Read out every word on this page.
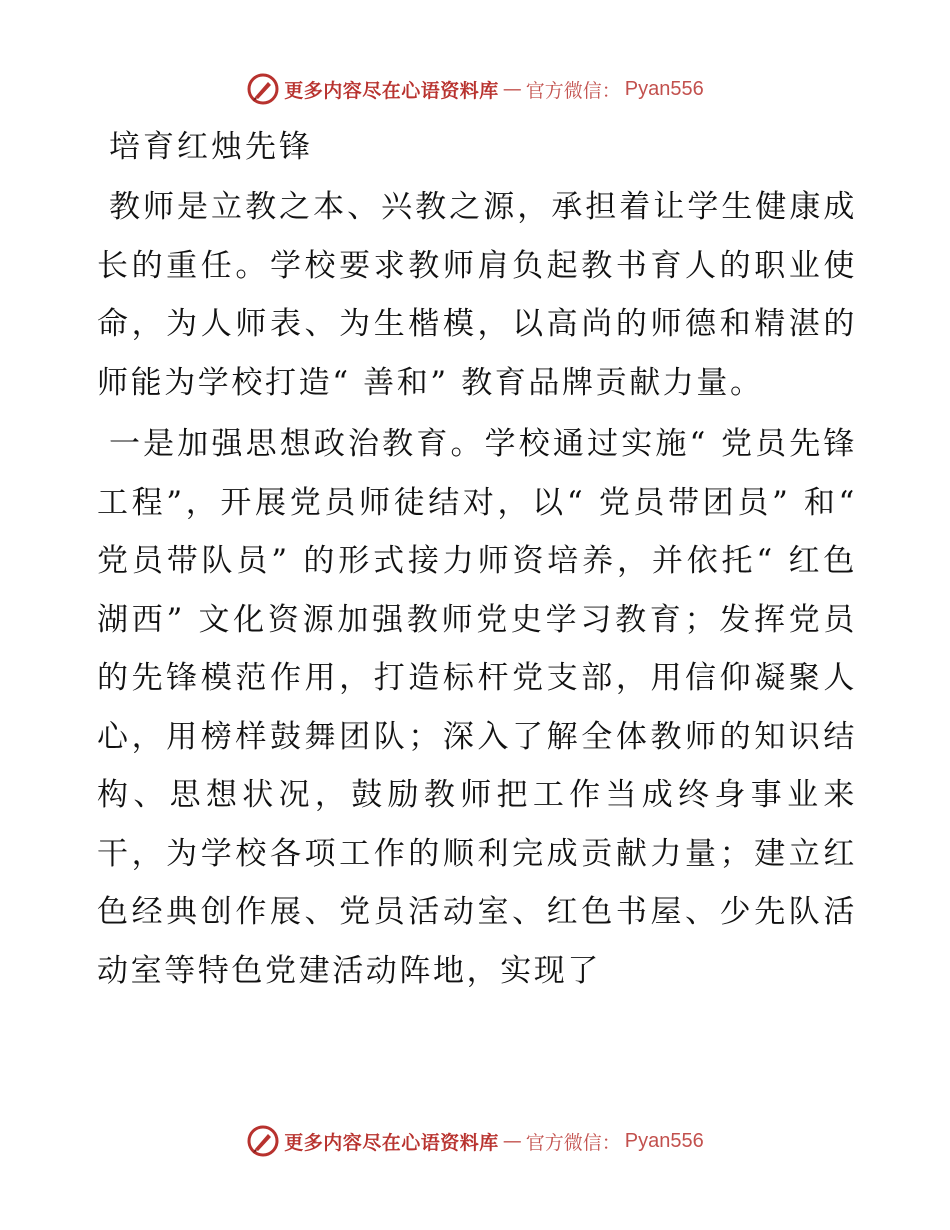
更多内容尽在心语资料库 — 官方微信： Pyan556
培育红烛先锋

教师是立教之本、兴教之源，承担着让学生健康成长的重任。学校要求教师肩负起教书育人的职业使命，为人师表、为生楷模，以高尚的师德和精湛的师能为学校打造“ 善和” 教育品牌贡献力量。

一是加强思想政治教育。学校通过实施“ 党员先锋工程”，开展党员师徒结对，以“ 党员带团员” 和“ 党员带队员” 的形式接力师资培养，并依托“ 红色湖西” 文化资源加强教师党史学习教育；发挥党员的先锋模范作用，打造标杆党支部，用信仰凝聚人心，用榜样鼓舞团队；深入了解全体教师的知识结构、思想状况，鼓励教师把工作当成终身事业来干，为学校各项工作的顺利完成贡献力量；建立红色经典创作展、党员活动室、红色书屋、少先队活动室等特色党建活动阵地，实现了

更多内容尽在心语资料库 — 官方微信： Pyan556
